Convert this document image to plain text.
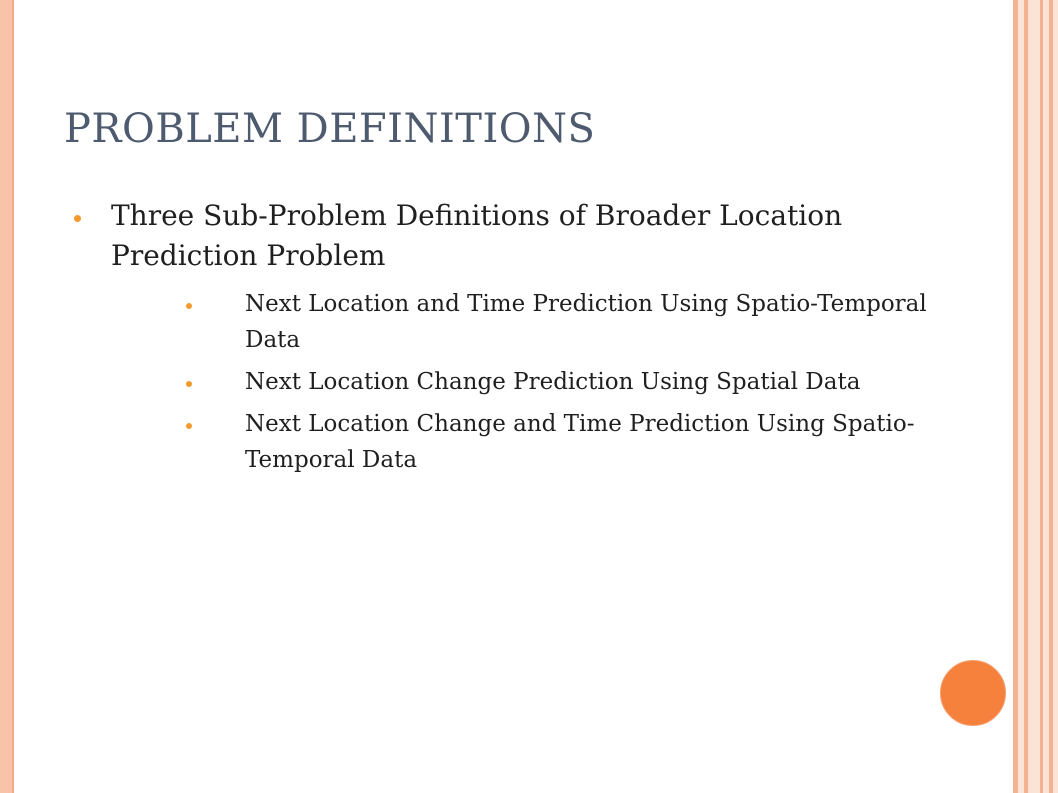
PROBLEM DEFINITIONS
Three Sub-Problem Definitions of Broader Location Prediction Problem
Next Location and Time Prediction Using Spatio-Temporal Data
Next Location Change Prediction Using Spatial Data
Next Location Change and Time Prediction Using Spatio-Temporal Data
